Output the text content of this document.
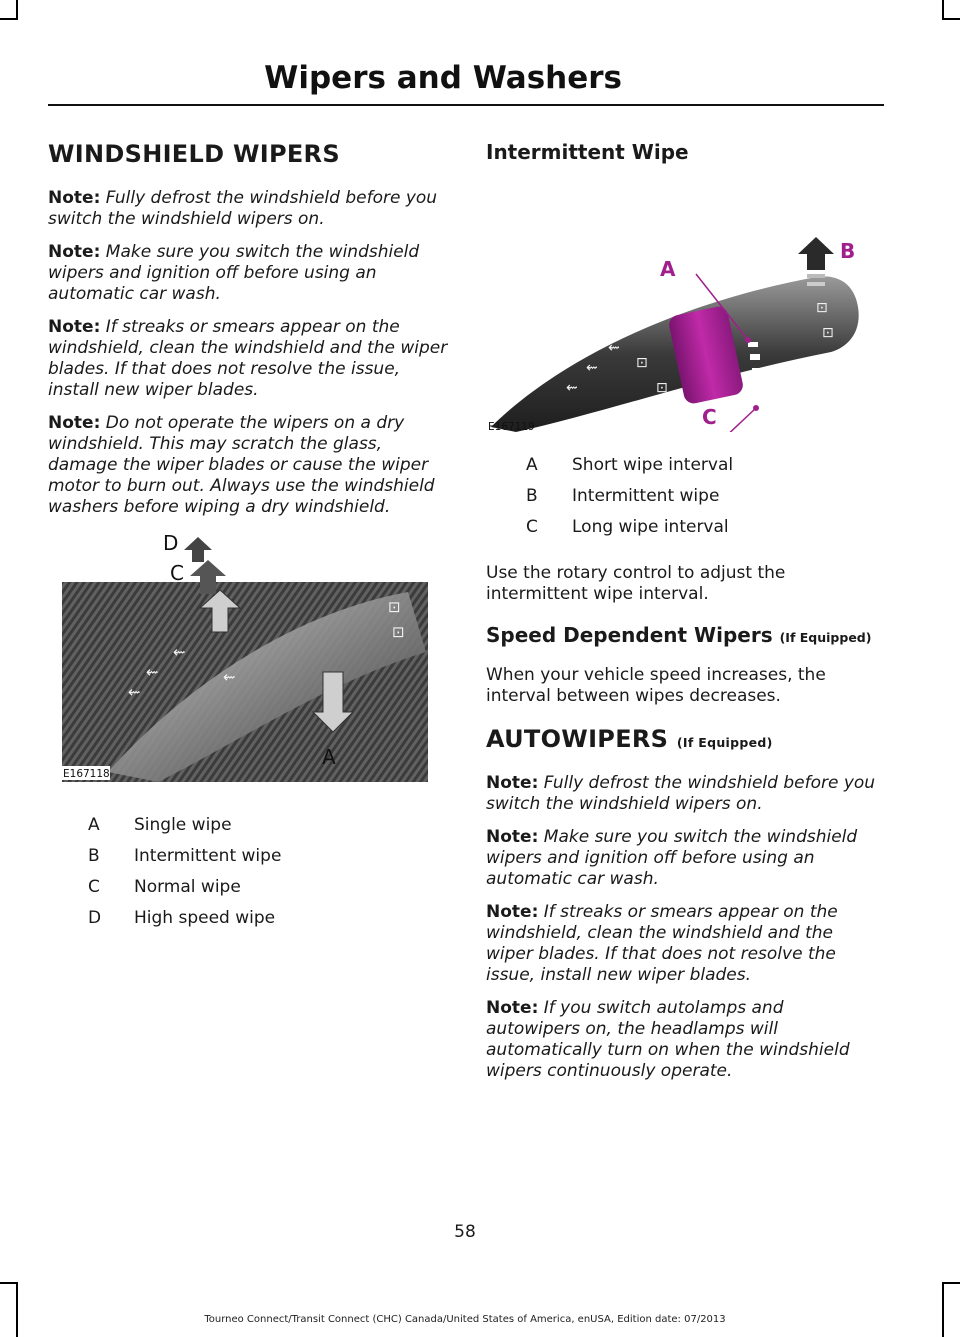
Wipers and Washers
WINDSHIELD WIPERS

Note: Fully defrost the windshield before you switch the windshield wipers on.

Note: Make sure you switch the windshield wipers and ignition off before using an automatic car wash.

Note: If streaks or smears appear on the windshield, clean the windshield and the wiper blades. If that does not resolve the issue, install new wiper blades.

Note: Do not operate the wipers on a dry windshield. This may scratch the glass, damage the wiper blades or cause the wiper motor to burn out. Always use the windshield washers before wiping a dry windshield.

⇜
⇜
⇜
⇜
⊡
⊡
D
C
A
E167118
A	Single wipe
B	Intermittent wipe
C	Normal wipe
D	High speed wipe
Intermittent Wipe
⇜
⇜
⇜
⊡
⊡
⊡
⊡
A
B
C
E167119
A	Short wipe interval
B	Intermittent wipe
C	Long wipe interval

Use the rotary control to adjust the intermittent wipe interval.

Speed Dependent Wipers (If Equipped)

When your vehicle speed increases, the interval between wipes decreases.

AUTOWIPERS (If Equipped)

Note: Fully defrost the windshield before you switch the windshield wipers on.

Note: Make sure you switch the windshield wipers and ignition off before using an automatic car wash.

Note: If streaks or smears appear on the windshield, clean the windshield and the wiper blades. If that does not resolve the issue, install new wiper blades.

Note: If you switch autolamps and autowipers on, the headlamps will automatically turn on when the windshield wipers continuously operate.

58
Tourneo Connect/Transit Connect (CHC) Canada/United States of America, enUSA, Edition date: 07/2013
